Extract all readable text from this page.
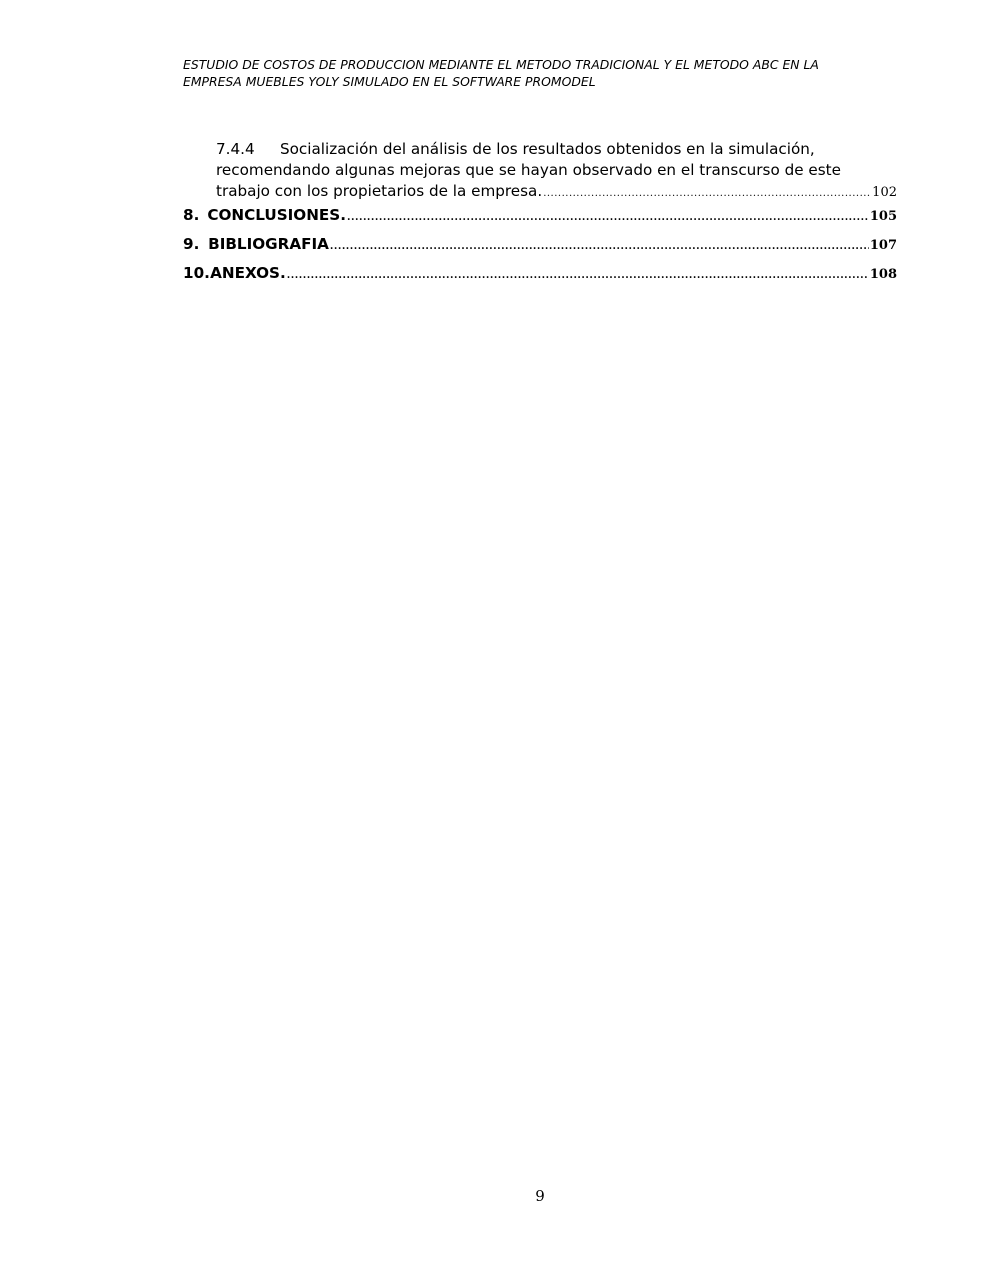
ESTUDIO DE COSTOS DE PRODUCCION MEDIANTE EL METODO TRADICIONAL Y EL METODO ABC EN LA
EMPRESA MUEBLES YOLY SIMULADO EN EL SOFTWARE PROMODEL
7.4.4 Socialización del análisis de los resultados obtenidos en la simulación,
recomendando algunas mejoras que se hayan observado en el transcurso de este
trabajo con los propietarios de la empresa. .....	102
8. CONCLUSIONES. .....	105
9. BIBLIOGRAFIA .....	107
10. ANEXOS. .....	108
9
